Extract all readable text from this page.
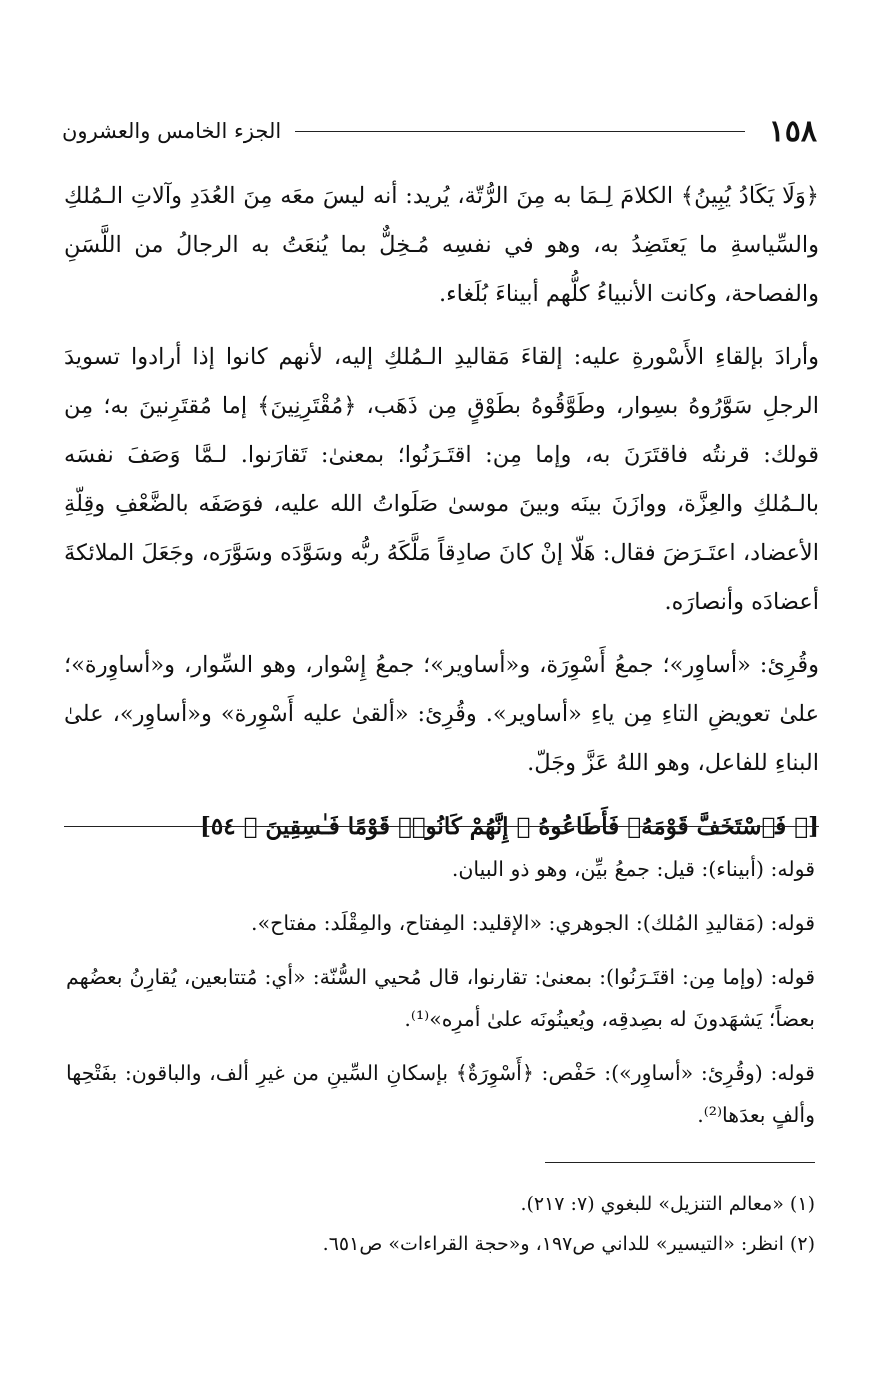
١٥٨
الجزء الخامس والعشرون

﴿وَلَا يَكَادُ يُبِينُ﴾ الكلامَ لِـمَا به مِنَ الرُّتّة، يُريد: أنه ليسَ معَه مِنَ العُدَدِ وآلاتِ الـمُلكِ والسِّياسةِ ما يَعتَضِدُ به، وهو في نفسِه مُـخِلٌّ بما يُنعَتُ به الرجالُ من اللَّسَنِ والفصاحة، وكانت الأنبياءُ كلُّهم أبيناءَ بُلَغاء.

وأرادَ بإلقاءِ الأَسْورةِ عليه: إلقاءَ مَقاليدِ الـمُلكِ إليه، لأنهم كانوا إذا أرادوا تسويدَ الرجلِ سَوَّرُوهُ بسِوار، وطَوَّقُوهُ بطَوْقٍ مِن ذَهَب، ﴿مُقْتَرِنِينَ﴾ إما مُقتَرِنينَ به؛ مِن قولك: قرنتُه فاقتَرَنَ به، وإما مِن: اقتَـرَنُوا؛ بمعنىٰ: تَقارَنوا. لـمَّا وَصَفَ نفسَه بالـمُلكِ والعِزَّة، ووازَنَ بينَه وبينَ موسىٰ صَلَواتُ الله عليه، فوَصَفَه بالضَّعْفِ وقِلّةِ الأعضاد، اعتَـرَضَ فقال: هَلّا إنْ كانَ صادِقاً مَلَّكَهُ ربُّه وسَوَّدَه وسَوَّرَه، وجَعَلَ الملائكةَ أعضادَه وأنصارَه.

وقُرِئ: «أساوِر»؛ جمعُ أَسْوِرَة، و«أساوير»؛ جمعُ إِسْوار، وهو السِّوار، و«أساوِرة»؛ علىٰ تعويضِ التاءِ مِن ياءِ «أساوير». وقُرِئ: «ألقىٰ عليه أَسْوِرة» و«أساوِر»، علىٰ البناءِ للفاعل، وهو اللهُ عَزَّ وجَلّ.

[﴿ فَٱسْتَخَفَّ قَوْمَهُۥ فَأَطَاعُوهُ ۚ إِنَّهُمْ كَانُوا۟ قَوْمًا فَـٰسِقِينَ ﴾ ٥٤]

قوله: (أبيناء): قيل: جمعُ بيِّن، وهو ذو البيان.

قوله: (مَقاليدِ المُلك): الجوهري: «الإقليد: المِفتاح، والمِقْلَد: مفتاح».

قوله: (وإما مِن: اقتَـرَنُوا): بمعنىٰ: تقارنوا، قال مُحيي السُّنّة: «أي: مُتتابعين، يُقارِنُ بعضُهم بعضاً؛ يَشهَدونَ له بصِدقِه، ويُعينُونَه علىٰ أمرِه»⁽¹⁾.

قوله: (وقُرِئ: «أساوِر»): حَفْص: ﴿أَسْوِرَةٌ﴾ بإسكانِ السِّينِ من غيرِ ألف، والباقون: بفَتْحِها وألفٍ بعدَها⁽²⁾.

(١) «معالم التنزيل» للبغوي (٧: ٢١٧).

(٢) انظر: «التيسير» للداني ص١٩٧، و«حجة القراءات» ص٦٥١.
